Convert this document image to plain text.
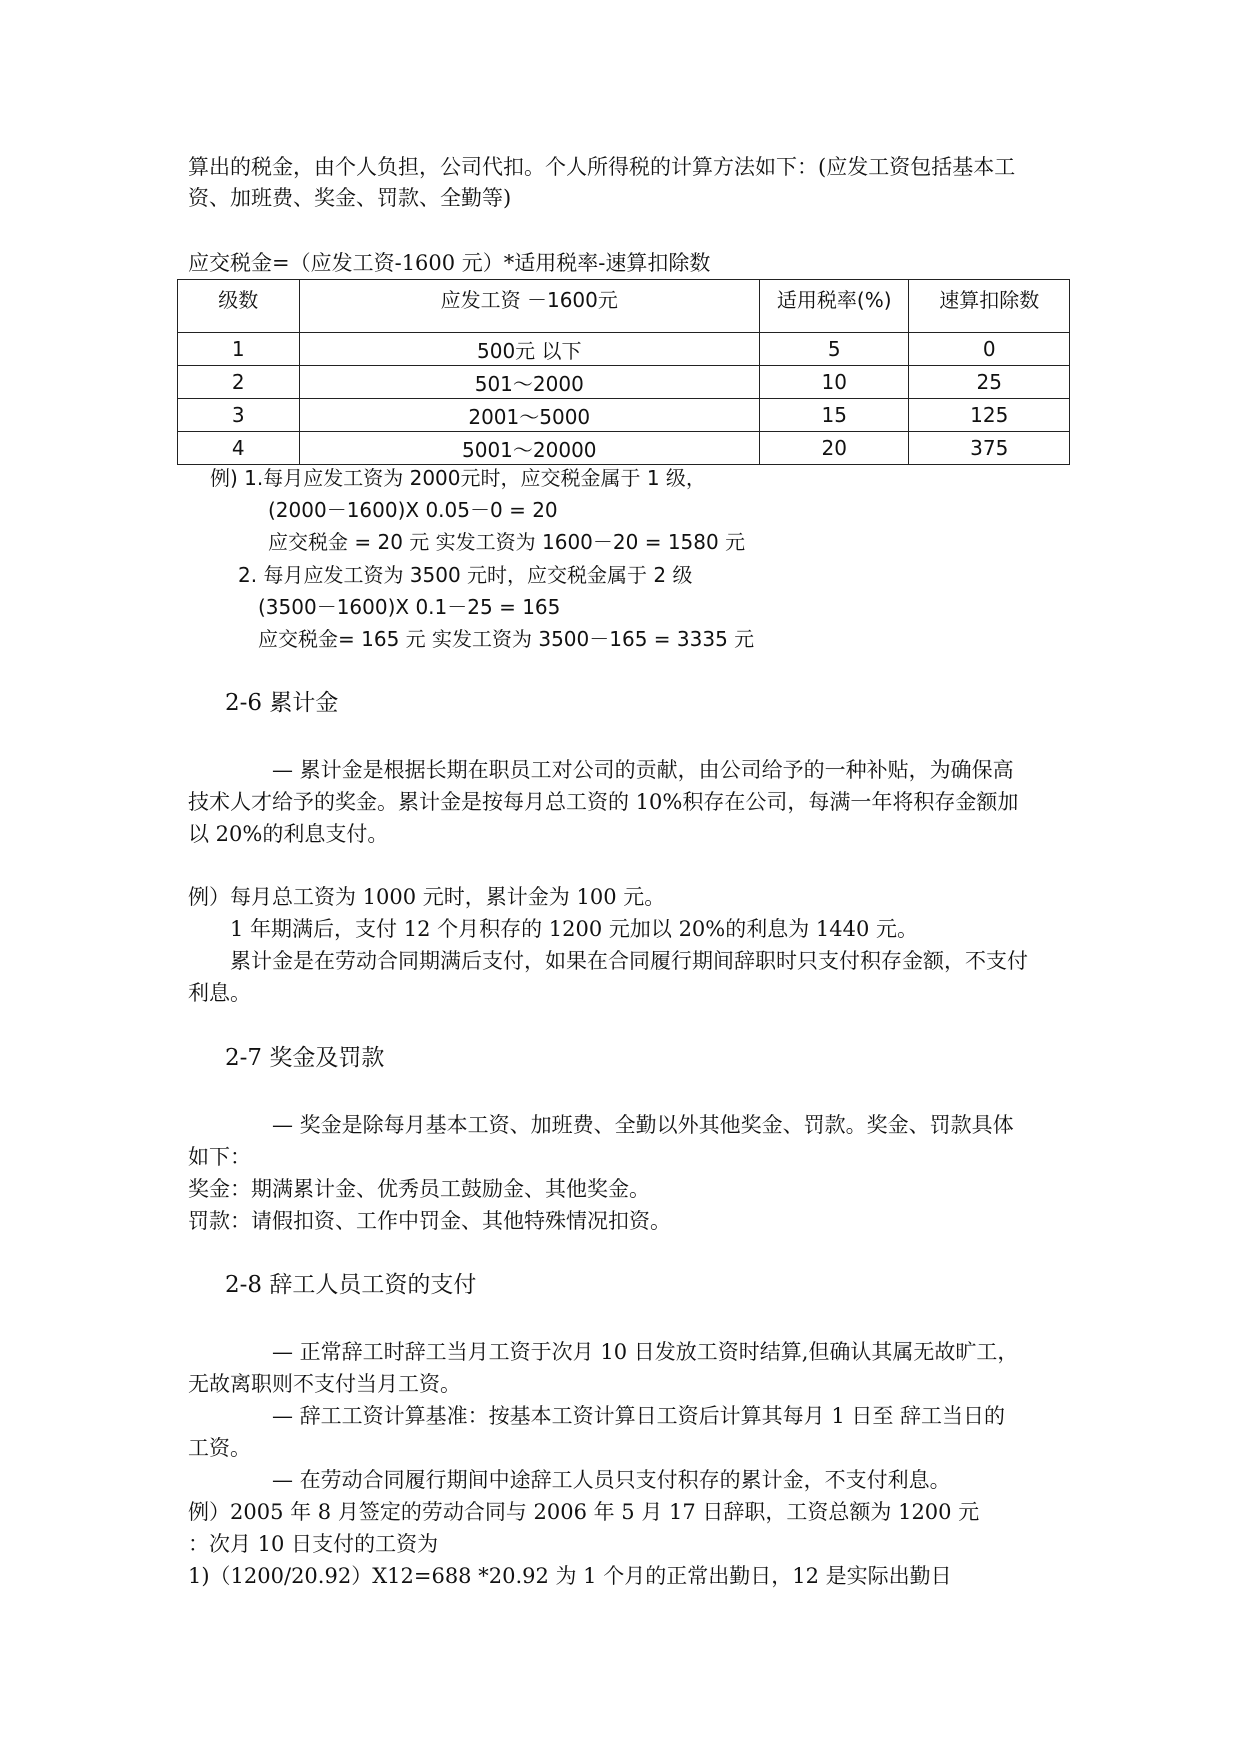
算出的税金，由个人负担，公司代扣。个人所得税的计算方法如下：(应发工资包括基本工
资、加班费、奖金、罚款、全勤等)
应交税金=（应发工资-1600 元）*适用税率-速算扣除数
级数	应发工资 －1600元	适用税率(%)	速算扣除数
1	500元 以下	5	0
2	501～2000	10	25
3	2001～5000	15	125
4	5001～20000	20	375
例) 1.每月应发工资为 2000元时，应交税金属于 1 级，
(2000－1600)X 0.05－0 = 20
应交税金 = 20 元 实发工资为 1600－20 = 1580 元
2. 每月应发工资为 3500 元时，应交税金属于 2 级
(3500－1600)X 0.1－25 = 165
应交税金= 165 元 实发工资为 3500－165 = 3335 元
2-6 累计金
— 累计金是根据长期在职员工对公司的贡献，由公司给予的一种补贴，为确保高
技术人才给予的奖金。累计金是按每月总工资的 10%积存在公司，每满一年将积存金额加
以 20%的利息支付。
例）每月总工资为 1000 元时，累计金为 100 元。
1 年期满后，支付 12 个月积存的 1200 元加以 20%的利息为 1440 元。
累计金是在劳动合同期满后支付，如果在合同履行期间辞职时只支付积存金额，不支付
利息。
2-7 奖金及罚款
— 奖金是除每月基本工资、加班费、全勤以外其他奖金、罚款。奖金、罚款具体
如下：
奖金：期满累计金、优秀员工鼓励金、其他奖金。
罚款：请假扣资、工作中罚金、其他特殊情况扣资。
2-8 辞工人员工资的支付
— 正常辞工时辞工当月工资于次月 10 日发放工资时结算,但确认其属无故旷工，
无故离职则不支付当月工资。
— 辞工工资计算基准：按基本工资计算日工资后计算其每月 1 日至 辞工当日的
工资。
— 在劳动合同履行期间中途辞工人员只支付积存的累计金，不支付利息。
例）2005 年 8 月签定的劳动合同与 2006 年 5 月 17 日辞职，工资总额为 1200 元
：次月 10 日支付的工资为
1)（1200/20.92）X12=688 *20.92 为 1 个月的正常出勤日，12 是实际出勤日
